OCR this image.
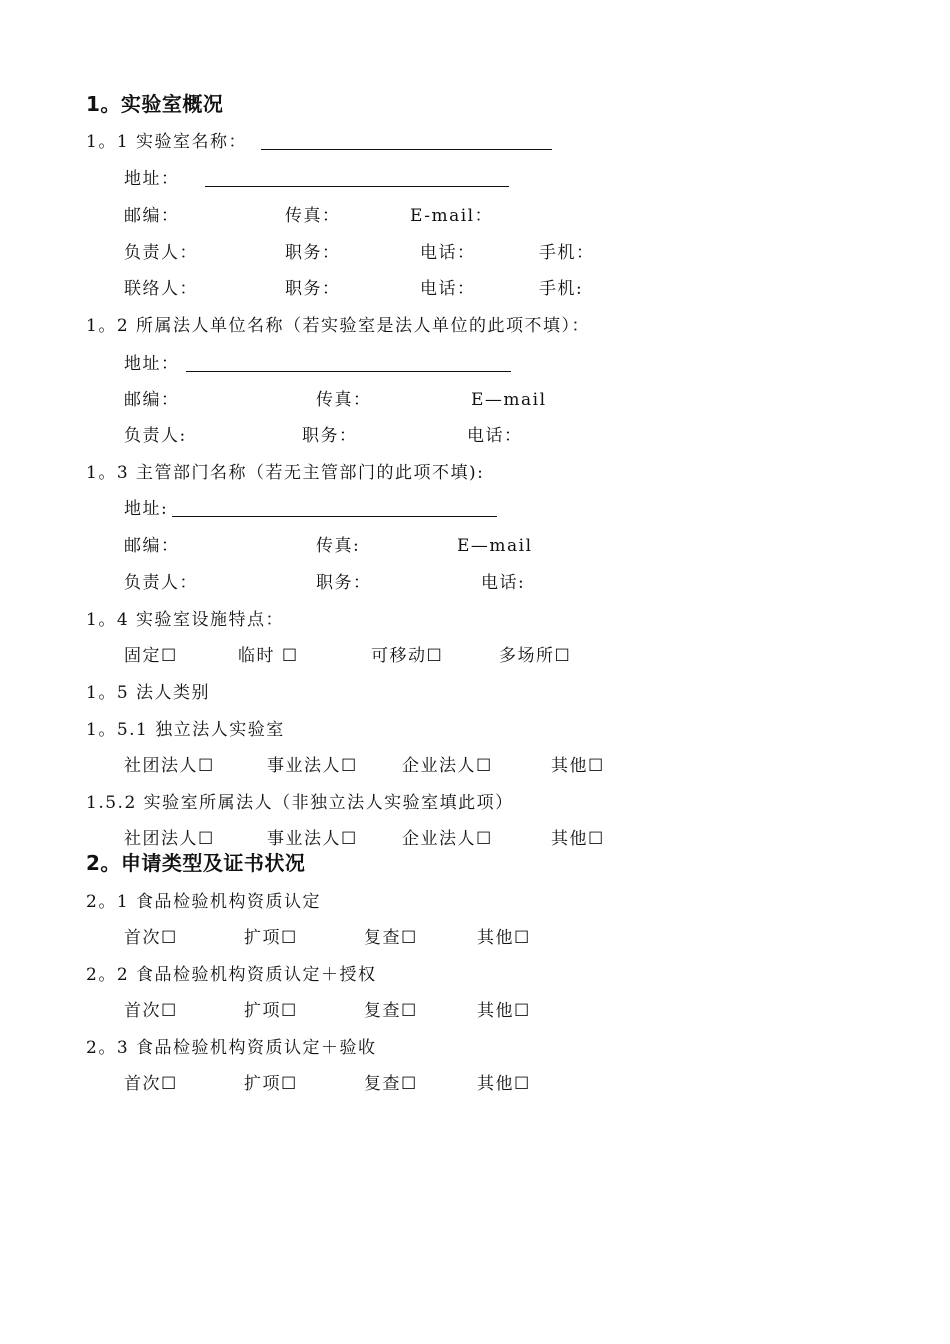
1。实验室概况
1。1 实验室名称：
地址：
邮编：	传真：	E-mail：
负责人：	职务：	电话：	手机：
联络人：	职务：	电话：	手机:
1。2 所属法人单位名称（若实验室是法人单位的此项不填）：
地址：
邮编：	传真：	E—mail
负责人:	职务：	电话：
1。3 主管部门名称（若无主管部门的此项不填):
地址:
邮编：	传真:	E—mail
负责人：	职务：	电话:
1。4 实验室设施特点：
固定☐	临时 ☐	可移动☐	多场所☐
1。5 法人类别
1。5.1 独立法人实验室
社团法人☐	事业法人☐	企业法人☐	其他☐
1.5.2 实验室所属法人（非独立法人实验室填此项）
社团法人☐	事业法人☐	企业法人☐	其他☐
2。申请类型及证书状况
2。1 食品检验机构资质认定
首次☐	扩项☐	复查☐	其他☐
2。2 食品检验机构资质认定＋授权
首次☐	扩项☐	复查☐	其他☐
2。3 食品检验机构资质认定＋验收
首次☐	扩项☐	复查☐	其他☐
